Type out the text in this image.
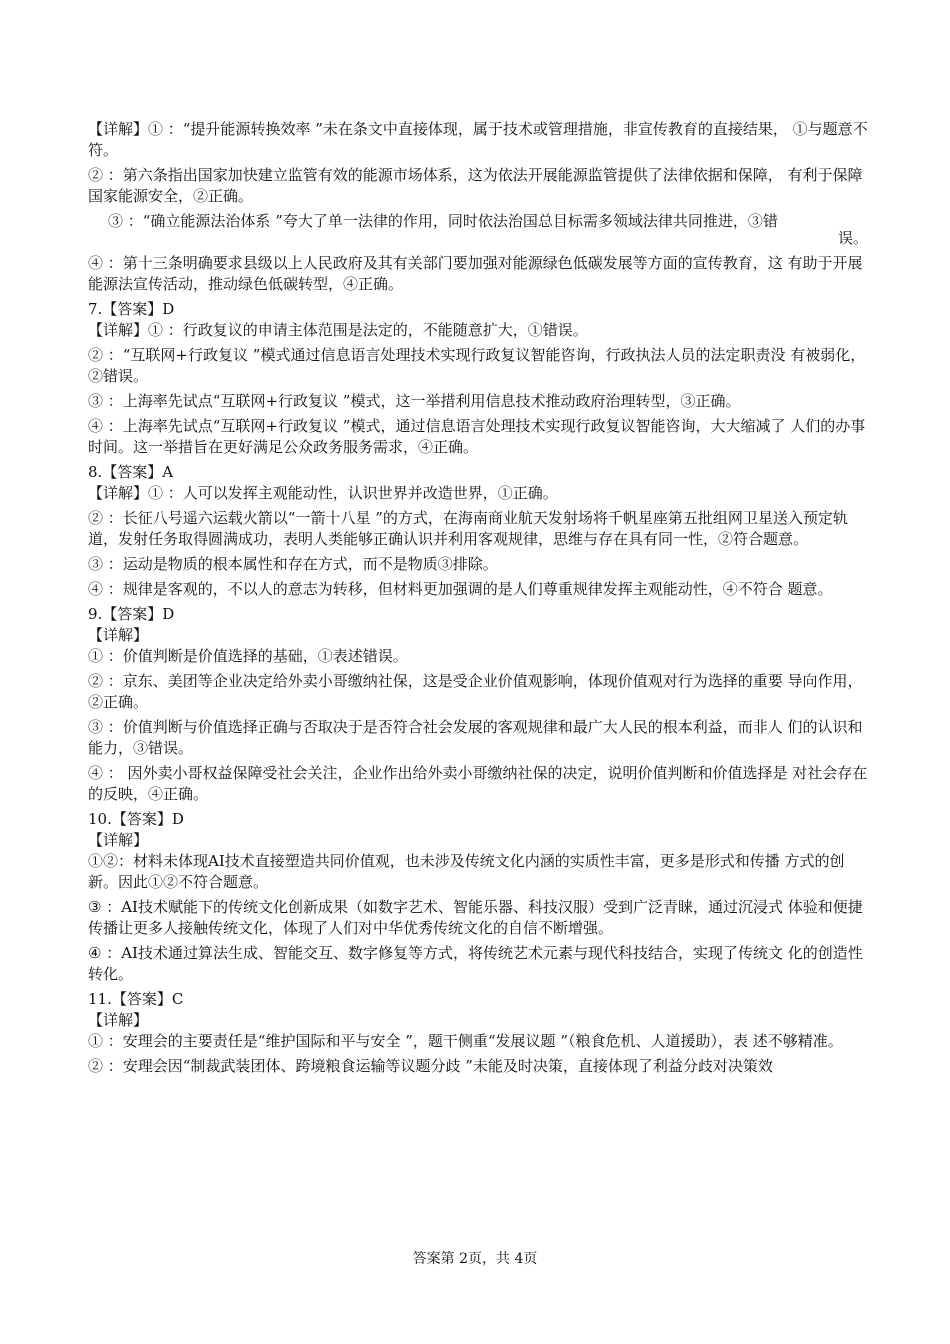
【详解】① ：“提升能源转换效率 ”未在条文中直接体现，属于技术或管理措施，非宣传教育的直接结果， ①与题意不符。

② ：第六条指出国家加快建立监管有效的能源市场体系，这为依法开展能源监管提供了法律依据和保障， 有利于保障国家能源安全，②正确。

③ ：“确立能源法治体系 ”夸大了单一法律的作用，同时依法治国总目标需多领域法律共同推进，③错

误。

④ ：第十三条明确要求县级以上人民政府及其有关部门要加强对能源绿色低碳发展等方面的宣传教育，这 有助于开展能源法宣传活动，推动绿色低碳转型，④正确。

7.【答案】D

【详解】① ：行政复议的申请主体范围是法定的，不能随意扩大，①错误。

② ：“互联网+行政复议 ”模式通过信息语言处理技术实现行政复议智能咨询，行政执法人员的法定职责没 有被弱化，②错误。

③ ：上海率先试点“互联网+行政复议 ”模式，这一举措利用信息技术推动政府治理转型，③正确。

④ ：上海率先试点“互联网+行政复议 ”模式，通过信息语言处理技术实现行政复议智能咨询，大大缩减了 人们的办事时间。这一举措旨在更好满足公众政务服务需求，④正确。

8.【答案】A

【详解】① ：人可以发挥主观能动性，认识世界并改造世界，①正确。

② ：长征八号遥六运载火箭以“一箭十八星 ”的方式，在海南商业航天发射场将千帆星座第五批组网卫星送入预定轨道，发射任务取得圆满成功，表明人类能够正确认识并利用客观规律，思维与存在具有同一性，②符合题意。

③ ：运动是物质的根本属性和存在方式，而不是物质③排除。

④ ：规律是客观的，不以人的意志为转移，但材料更加强调的是人们尊重规律发挥主观能动性，④不符合 题意。

9.【答案】D

【详解】

① ：价值判断是价值选择的基础，①表述错误。

② ：京东、美团等企业决定给外卖小哥缴纳社保，这是受企业价值观影响，体现价值观对行为选择的重要 导向作用，②正确。

③ ：价值判断与价值选择正确与否取决于是否符合社会发展的客观规律和最广大人民的根本利益，而非人 们的认识和能力，③错误。

④ ： 因外卖小哥权益保障受社会关注，企业作出给外卖小哥缴纳社保的决定，说明价值判断和价值选择是 对社会存在的反映，④正确。

10.【答案】D

【详解】

①②：材料未体现AI技术直接塑造共同价值观，也未涉及传统文化内涵的实质性丰富，更多是形式和传播 方式的创新。因此①②不符合题意。

③ ：AI技术赋能下的传统文化创新成果（如数字艺术、智能乐器、科技汉服）受到广泛青睐，通过沉浸式 体验和便捷传播让更多人接触传统文化，体现了人们对中华优秀传统文化的自信不断增强。

④ ：AI技术通过算法生成、智能交互、数字修复等方式，将传统艺术元素与现代科技结合，实现了传统文 化的创造性转化。

11.【答案】C

【详解】

① ：安理会的主要责任是“维护国际和平与安全 ”，题干侧重“发展议题 ”（粮食危机、人道援助），表 述不够精准。

② ：安理会因“制裁武装团体、跨境粮食运输等议题分歧 ”未能及时决策，直接体现了利益分歧对决策效

答案第 2页，共 4页
